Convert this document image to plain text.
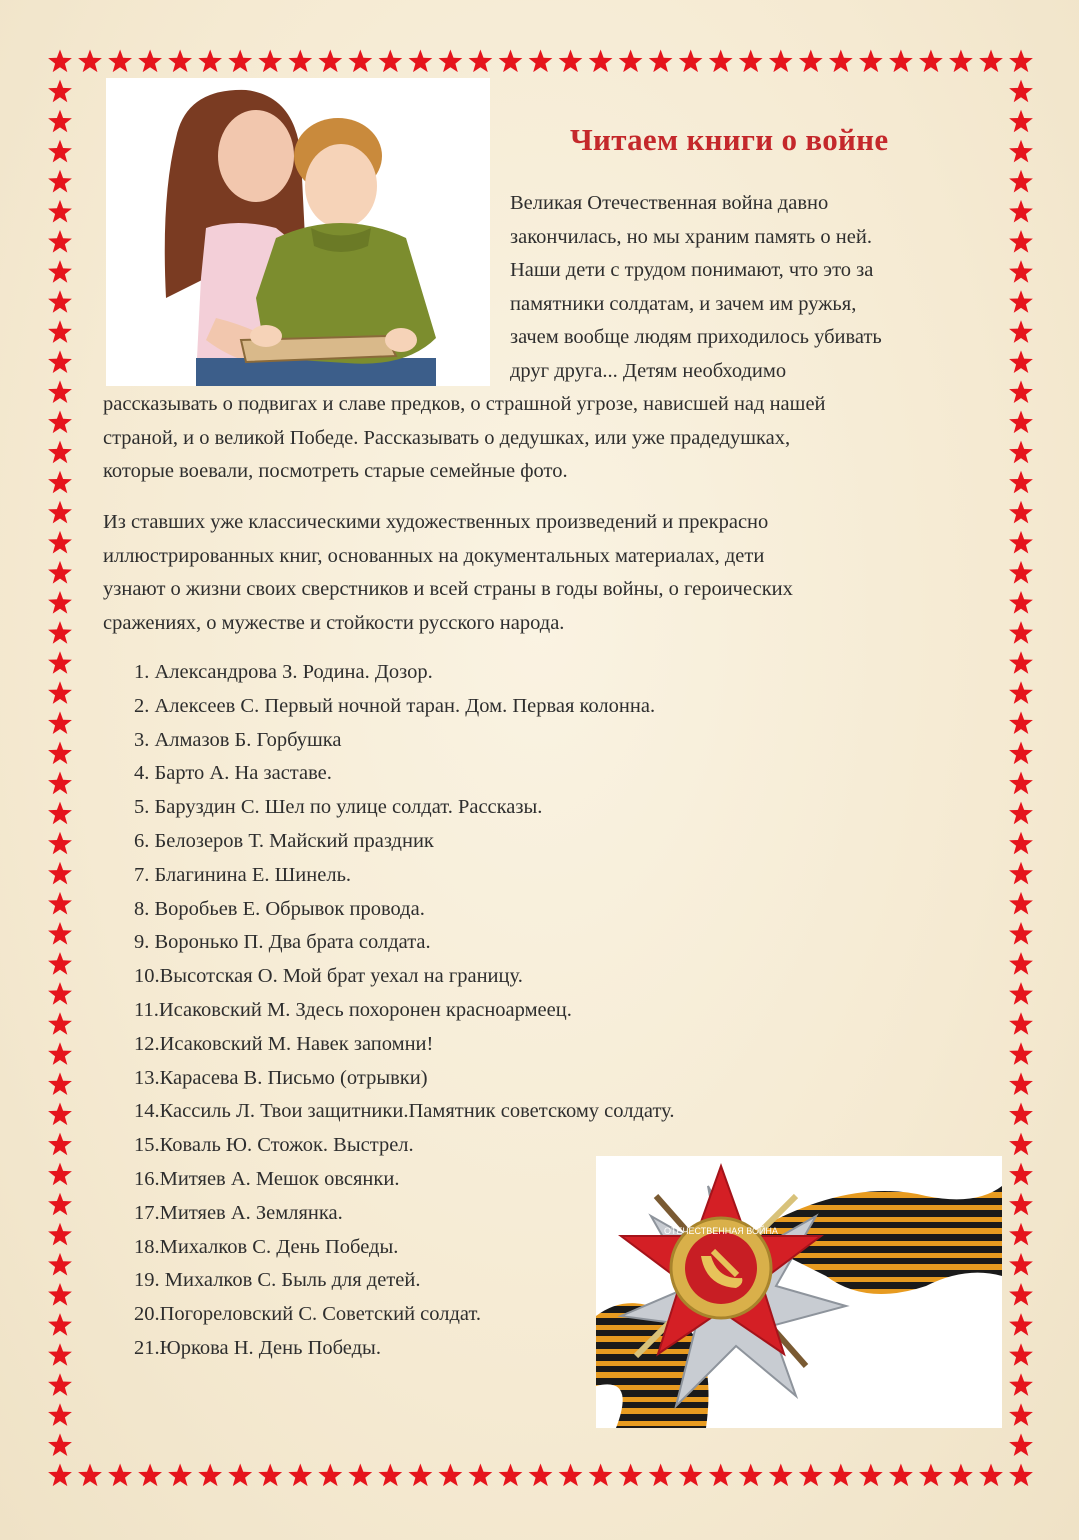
Читаем книги о войне
Великая Отечественная война давно
закончилась, но мы храним память о ней.
Наши дети с трудом понимают, что это за
памятники солдатам, и зачем им ружья,
зачем вообще людям приходилось убивать
друг друга... Детям необходимо
рассказывать о подвигах и славе предков, о страшной угрозе, нависшей над нашей
страной, и о великой Победе. Рассказывать о дедушках, или уже прадедушках,
которые воевали, посмотреть старые семейные фото.
Из ставших уже классическими художественных произведений и прекрасно
иллюстрированных книг, основанных на документальных материалах, дети
узнают о жизни своих сверстников и всей страны в годы войны, о героических
сражениях, о мужестве и стойкости русского народа.
1. Александрова З. Родина. Дозор.
2. Алексеев С. Первый ночной таран. Дом. Первая колонна.
3. Алмазов Б. Горбушка
4. Барто А. На заставе.
5. Баруздин С. Шел по улице солдат. Рассказы.
6. Белозеров Т. Майский праздник
7. Благинина Е. Шинель.
8. Воробьев Е. Обрывок провода.
9. Воронько П. Два брата солдата.
10.Высотская О. Мой брат уехал на границу.
11.Исаковский М. Здесь похоронен красноармеец.
12.Исаковский М. Навек запомни!
13.Карасева В. Письмо (отрывки)
14.Кассиль Л. Твои защитники.Памятник советскому солдату.
15.Коваль Ю. Стожок. Выстрел.
16.Митяев А. Мешок овсянки.
17.Митяев А. Землянка.
18.Михалков С. День Победы.
19. Михалков С. Быль для детей.
20.Погореловский С. Советский солдат.
21.Юркова Н. День Победы.
ОТЕЧЕСТВЕННАЯ ВОЙНА
